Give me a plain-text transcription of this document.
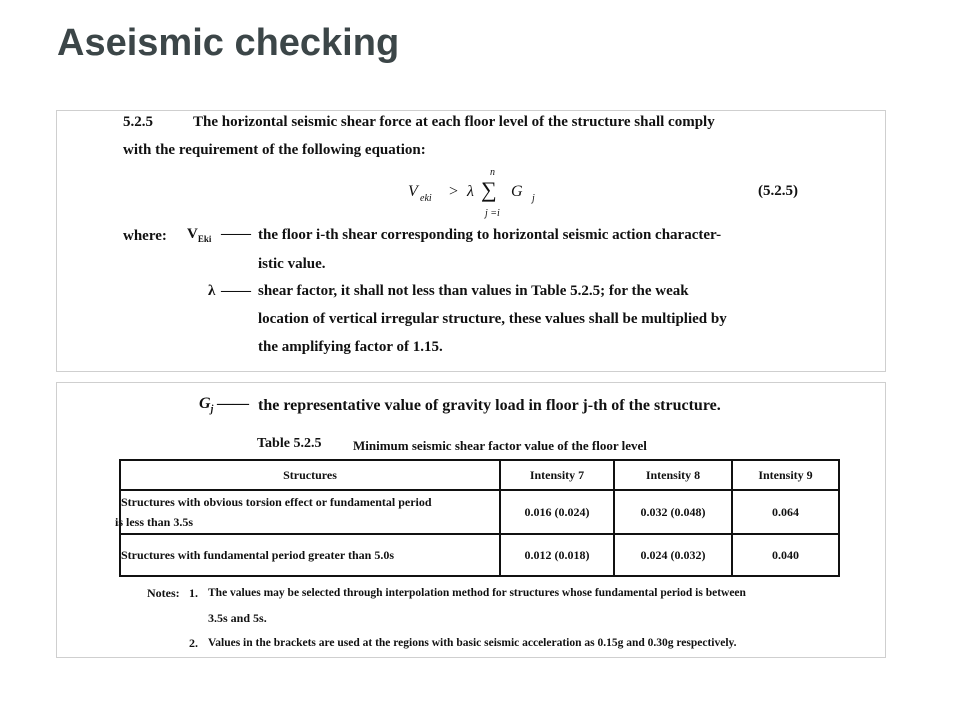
Aseismic checking
5.2.5	The horizontal seismic shear force at each floor level of the structure shall comply
with the requirement of the following equation:
V eki > λ
n
∑
j =i
G j	(5.2.5)
where: $V_{Eki}$ —— the floor i-th shear corresponding to horizontal seismic action character-
istic value.
λ —— shear factor, it shall not less than values in Table 5.2.5; for the weak
location of vertical irregular structure, these values shall be multiplied by
the amplifying factor of 1.15.
$G_j$ —— the representative value of gravity load in floor j-th of the structure.
Table 5.2.5 Minimum seismic shear factor value of the floor level
Structures	Intensity 7	Intensity 8	Intensity 9

Structures with obvious torsion effect or fundamental period
is less than 3.5s	0.016 (0.024)	0.032 (0.048)	0.064
Structures with fundamental period greater than 5.0s	0.012 (0.018)	0.024 (0.032)	0.040
Notes: 1. The values may be selected through interpolation method for structures whose fundamental period is between
3.5s and 5s.
2. Values in the brackets are used at the regions with basic seismic acceleration as 0.15g and 0.30g respectively.
